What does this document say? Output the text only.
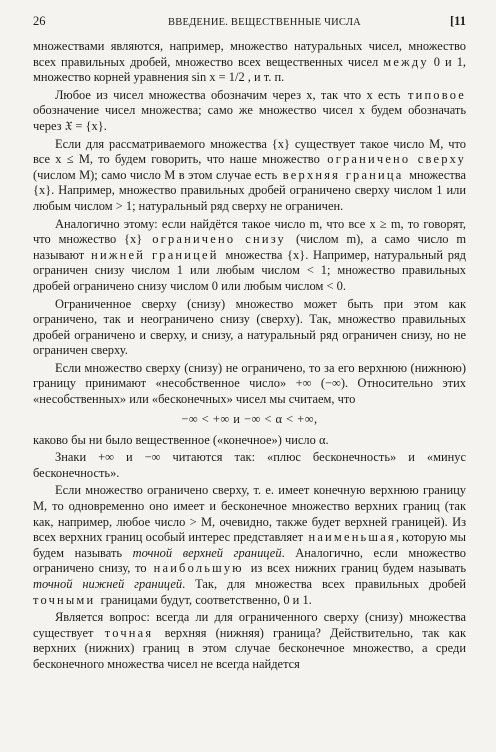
26	ВВЕДЕНИЕ. ВЕЩЕСТВЕННЫЕ ЧИСЛА	[11

множествами являются, например, множество натуральных чисел, множество всех правильных дробей, множество всех вещественных чисел между 0 и 1, множество корней уравнения sin x = 1/2 , и т. п.

Любое из чисел множества обозначим через x, так что x есть типовое обозначение чисел множества; само же множество чисел x будем обозначать через 𝔛 = {x}.

Если для рассматриваемого множества {x} существует такое число M, что все x ≤ M, то будем говорить, что наше множество ограничено сверху (числом M); само число M в этом случае есть верхняя граница множества {x}. Например, множество правильных дробей ограничено сверху числом 1 или любым числом > 1; натуральный ряд сверху не ограничен.

Аналогично этому: если найдётся такое число m, что все x ≥ m, то говорят, что множество {x} ограничено снизу (числом m), а само число m называют нижней границей множества {x}. Например, натуральный ряд ограничен снизу числом 1 или любым числом < 1; множество правильных дробей ограничено снизу числом 0 или любым числом < 0.

Ограниченное сверху (снизу) множество может быть при этом как ограничено, так и неограничено снизу (сверху). Так, множество правильных дробей ограничено и сверху, и снизу, а натуральный ряд ограничен снизу, но не ограничен сверху.

Если множество сверху (снизу) не ограничено, то за его верхнюю (нижнюю) границу принимают «несобственное число» +∞ (−∞). Относительно этих «несобственных» или «бесконечных» чисел мы считаем, что

−∞ < +∞ и −∞ < α < +∞,

каково бы ни было вещественное («конечное») число α.

Знаки +∞ и −∞ читаются так: «плюс бесконечность» и «минус бесконечность».

Если множество ограничено сверху, т. е. имеет конечную верхнюю границу M, то одновременно оно имеет и бесконечное множество верхних границ (так как, например, любое число > M, очевидно, также будет верхней границей). Из всех верхних границ особый интерес представляет наименьшая, которую мы будем называть точной верхней границей. Аналогично, если множество ограничено снизу, то наибольшую из всех нижних границ будем называть точной нижней границей. Так, для множества всех правильных дробей точными границами будут, соответственно, 0 и 1.

Является вопрос: всегда ли для ограниченного сверху (снизу) множества существует точная верхняя (нижняя) граница? Действительно, так как верхних (нижних) границ в этом случае бесконечное множество, а среди бесконечного множества чисел не всегда найдется
